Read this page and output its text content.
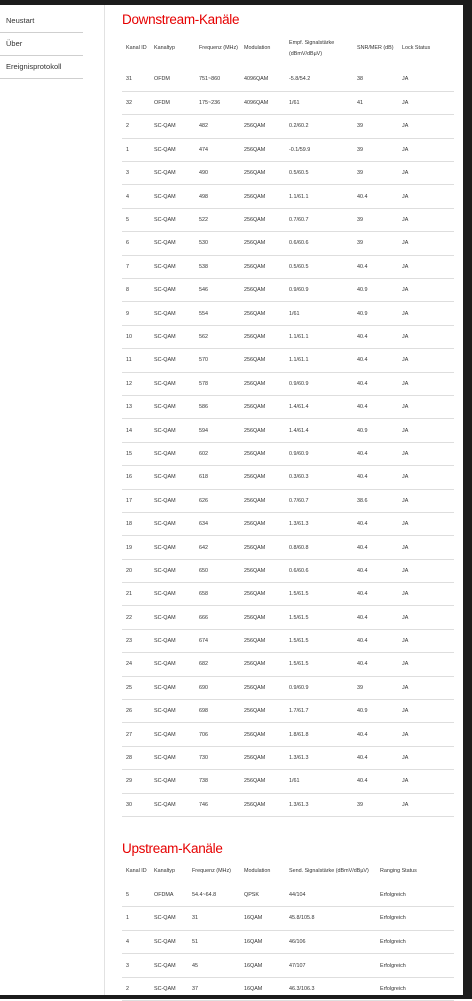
Neustart
Über
Ereignisprotokoll
Downstream-Kanäle
Kanal ID	Kanaltyp	Frequenz (MHz)	Modulation	Empf. Signalstärke (dBmV/dBµV)	SNR/MER (dB)	Lock Status
31	OFDM	751~860	4096QAM	-5.8/54.2	38	JA
32	OFDM	175~236	4096QAM	1/61	41	JA
2	SC-QAM	482	256QAM	0.2/60.2	39	JA
1	SC-QAM	474	256QAM	-0.1/59.9	39	JA
3	SC-QAM	490	256QAM	0.5/60.5	39	JA
4	SC-QAM	498	256QAM	1.1/61.1	40.4	JA
5	SC-QAM	522	256QAM	0.7/60.7	39	JA
6	SC-QAM	530	256QAM	0.6/60.6	39	JA
7	SC-QAM	538	256QAM	0.5/60.5	40.4	JA
8	SC-QAM	546	256QAM	0.9/60.9	40.9	JA
9	SC-QAM	554	256QAM	1/61	40.9	JA
10	SC-QAM	562	256QAM	1.1/61.1	40.4	JA
11	SC-QAM	570	256QAM	1.1/61.1	40.4	JA
12	SC-QAM	578	256QAM	0.9/60.9	40.4	JA
13	SC-QAM	586	256QAM	1.4/61.4	40.4	JA
14	SC-QAM	594	256QAM	1.4/61.4	40.9	JA
15	SC-QAM	602	256QAM	0.9/60.9	40.4	JA
16	SC-QAM	618	256QAM	0.3/60.3	40.4	JA
17	SC-QAM	626	256QAM	0.7/60.7	38.6	JA
18	SC-QAM	634	256QAM	1.3/61.3	40.4	JA
19	SC-QAM	642	256QAM	0.8/60.8	40.4	JA
20	SC-QAM	650	256QAM	0.6/60.6	40.4	JA
21	SC-QAM	658	256QAM	1.5/61.5	40.4	JA
22	SC-QAM	666	256QAM	1.5/61.5	40.4	JA
23	SC-QAM	674	256QAM	1.5/61.5	40.4	JA
24	SC-QAM	682	256QAM	1.5/61.5	40.4	JA
25	SC-QAM	690	256QAM	0.9/60.9	39	JA
26	SC-QAM	698	256QAM	1.7/61.7	40.9	JA
27	SC-QAM	706	256QAM	1.8/61.8	40.4	JA
28	SC-QAM	730	256QAM	1.3/61.3	40.4	JA
29	SC-QAM	738	256QAM	1/61	40.4	JA
30	SC-QAM	746	256QAM	1.3/61.3	39	JA
Upstream-Kanäle
Kanal ID	Kanaltyp	Frequenz (MHz)	Modulation	Send. Signalstärke (dBmV/dBµV)	Ranging Status
5	OFDMA	54.4~64.8	QPSK	44/104	Erfolgreich
1	SC-QAM	31	16QAM	45.8/105.8	Erfolgreich
4	SC-QAM	51	16QAM	46/106	Erfolgreich
3	SC-QAM	45	16QAM	47/107	Erfolgreich
2	SC-QAM	37	16QAM	46.3/106.3	Erfolgreich
